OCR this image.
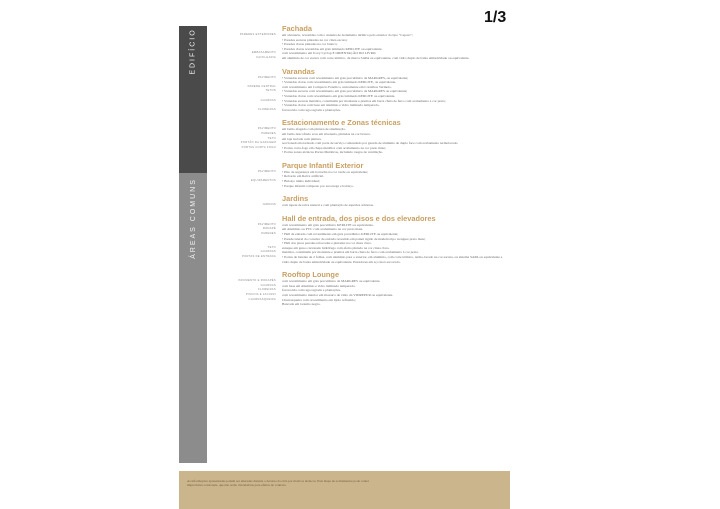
1/3
EDIFÍCIO
ÁREAS COMUNS
Fachada
PAREDES EXTERIORES	em alvenaria, revestidas com o sistema de isolamento térmico pelo exterior do tipo "Capoto";
• Paredes escuras pintadas na cor cinza escuro;
• Paredes claras pintadas na cor branco;
• Paredes claras revestidas em grés laminado KERLITE ou equivalente.
EMBASAMENTO	com revestimento em Ivory Cyclop E ORIENTAÇÃO DO LIVRO.
CAIXILHARIA	em alumínio de cor escura com corte térmico, da marca SAPA ou equivalente, com vidro duplo de baixa emissividade ou equivalente.
Varandas
PAVIMENTO	• Varandas escuras com revestimento em grés porcelânico da MARGRES, ou equivalente;
• Varandas claras com revestimento em grés laminado KERLITE, ou equivalente.
PAREDE CENTRAL	com revestimento em Compacto Fenólico, unicamente em Cortelhos Vermelo.
TETOS	• Varandas escuras com revestimento em grés porcelânico da MARGRES ou equivalente;
• Varandas claras com revestimento em grés laminado KERLITE ou equivalente.
GUARDAS	• Varandas escuras metálica, constituída por montante e prumos em barra chata de ferro com acabamento a cor preta;
• Varandas claras com base em alumínio e vidro laminado temperado.
FLOREIRAS	favorecida com rega regrada e plantações.
Estacionamento e Zonas técnicas
PAVIMENTO	em betão afagado com pintura de sinalização.
PAREDES	em betão descofrado e/ou em alvenaria, pintadas na cor branco.
TETO	em laje isolada com pintura.
PORTÃO DA GARAGEM	seccionado motorizado com porta de serviço comandado por guarda de alumínio de duplo face com acabamento termolacado.
PORTAS CORTA FOGO	• Portas corta-fogo em chapa metálica com acabamento na cor preto mate;
• Portas zonas técnicas Portas Metálicas, incluindo rasgos de ventilação.
Parque Infantil Exterior
PAVIMENTO	• Piso de segurança em borracha na cor verde ou equivalente;
• Rebordo em Relva artificial.
EQUIPAMENTOS	• Baloiço ninho individual;
• Parque infantil composto por escorrega e baloiço.
Jardins
JARDINS	com tapete de relva natural e com plantação de espécies arbóreas.
Hall de entrada, dos pisos e dos elevadores
PAVIMENTO	com revestimento em grés porcelânico KERLITE ou equivalente.
RODAPÉ	em Alumínio ou PVC com acabamento na cor preto mate.
PAREDES	• Hall de entrada com revestimento em grés porcelânico KERLITE ou equivalente;
• Parede lateral do corredor de entrada revestido em painel rígido de madeira tipo wenguer preto mate;
• Hall dos pisos paredes rebocadas e pintadas na cor cinza claro.
TETO	estuque em gesso cartonado hidrófugo com efeito pintado na cor cinza claro.
GUARDAS	metálica, constituída por montante e prumos em barra chata de ferro com acabamento à cor preta.
PORTAS DE ENTRADA	• Portas de batente de 2 folhas, com alumínio para o exterior, em alumínio, com corte térmico, termo-lacado na cor escura, ou sistema SAPA ou equivalente e vidro duplo de baixa emissividade ou equivalente. Puxadores em aço inox escovado.
Rooftop Lounge
PAVIMENTO E RODAPÉS	com revestimento em grés porcelânico da MARGRES ou equivalente.
GUARDAS	com base em Alumínio e vidro laminado temperado.
FLOREIRAS	favorecida com rega regrada e plantações.
PISCINA E JACUZZI	com revestimento interior em mosaico de vidro da VIDREPUR ou equivalente.
CHURRASQUEIRA	Churrasqueira com revestimento em tijolo refratário;
Bancada em Granito negro.
As informações apresentadas podem ser alteradas durante o decurso da obra por motivos técnicos. Este mapa de acabamentos pode conter imprecisões ocasionais, que não serão vinculativas para efeitos de contrato.
